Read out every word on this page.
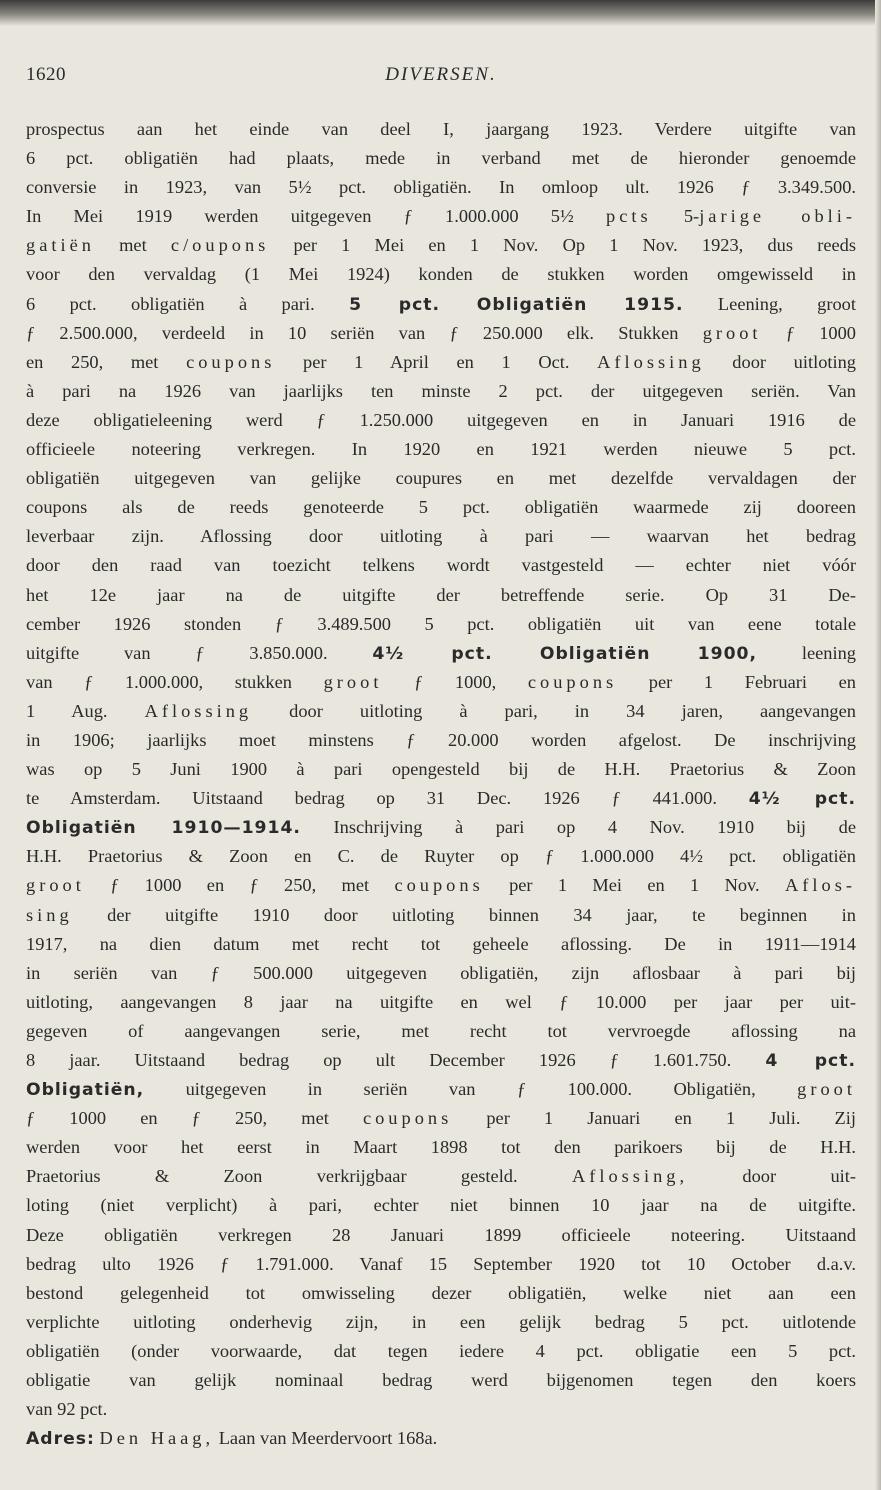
1620	DIVERSEN.
prospectus aan het einde van deel I, jaargang 1923. Verdere uitgifte van
6 pct. obligatiën had plaats, mede in verband met de hieronder genoemde
conversie in 1923, van 5½ pct. obligatiën. In omloop ult. 1926 ƒ 3.349.500.
In Mei 1919 werden uitgegeven ƒ 1.000.000 5½ pcts 5-jarige obli-
gatiën met c/oupons per 1 Mei en 1 Nov. Op 1 Nov. 1923, dus reeds
voor den vervaldag (1 Mei 1924) konden de stukken worden omgewisseld in
6 pct. obligatiën à pari. 5 pct. Obligatiën 1915. Leening, groot
ƒ 2.500.000, verdeeld in 10 seriën van ƒ 250.000 elk. Stukken groot ƒ 1000
en 250, met coupons per 1 April en 1 Oct. Aflossing door uitloting
à pari na 1926 van jaarlijks ten minste 2 pct. der uitgegeven seriën. Van
deze obligatieleening werd ƒ 1.250.000 uitgegeven en in Januari 1916 de
officieele noteering verkregen. In 1920 en 1921 werden nieuwe 5 pct.
obligatiën uitgegeven van gelijke coupures en met dezelfde vervaldagen der
coupons als de reeds genoteerde 5 pct. obligatiën waarmede zij dooreen
leverbaar zijn. Aflossing door uitloting à pari — waarvan het bedrag
door den raad van toezicht telkens wordt vastgesteld — echter niet vóór
het 12e jaar na de uitgifte der betreffende serie. Op 31 De-
cember 1926 stonden ƒ 3.489.500 5 pct. obligatiën uit van eene totale
uitgifte van ƒ 3.850.000. 4½ pct. Obligatiën 1900, leening
van ƒ 1.000.000, stukken groot ƒ 1000, coupons per 1 Februari en
1 Aug. Aflossing door uitloting à pari, in 34 jaren, aangevangen
in 1906; jaarlijks moet minstens ƒ 20.000 worden afgelost. De inschrijving
was op 5 Juni 1900 à pari opengesteld bij de H.H. Praetorius & Zoon
te Amsterdam. Uitstaand bedrag op 31 Dec. 1926 ƒ 441.000. 4½ pct.
Obligatiën 1910—1914. Inschrijving à pari op 4 Nov. 1910 bij de
H.H. Praetorius & Zoon en C. de Ruyter op ƒ 1.000.000 4½ pct. obligatiën
groot ƒ 1000 en ƒ 250, met coupons per 1 Mei en 1 Nov. Aflos-
sing der uitgifte 1910 door uitloting binnen 34 jaar, te beginnen in
1917, na dien datum met recht tot geheele aflossing. De in 1911—1914
in seriën van ƒ 500.000 uitgegeven obligatiën, zijn aflosbaar à pari bij
uitloting, aangevangen 8 jaar na uitgifte en wel ƒ 10.000 per jaar per uit-
gegeven of aangevangen serie, met recht tot vervroegde aflossing na
8 jaar. Uitstaand bedrag op ult December 1926 ƒ 1.601.750. 4 pct.
Obligatiën, uitgegeven in seriën van ƒ 100.000. Obligatiën, groot
ƒ 1000 en ƒ 250, met coupons per 1 Januari en 1 Juli. Zij
werden voor het eerst in Maart 1898 tot den parikoers bij de H.H.
Praetorius & Zoon verkrijgbaar gesteld. Aflossing, door uit-
loting (niet verplicht) à pari, echter niet binnen 10 jaar na de uitgifte.
Deze obligatiën verkregen 28 Januari 1899 officieele noteering. Uitstaand
bedrag ulto 1926 ƒ 1.791.000. Vanaf 15 September 1920 tot 10 October d.a.v.
bestond gelegenheid tot omwisseling dezer obligatiën, welke niet aan een
verplichte uitloting onderhevig zijn, in een gelijk bedrag 5 pct. uitlotende
obligatiën (onder voorwaarde, dat tegen iedere 4 pct. obligatie een 5 pct.
obligatie van gelijk nominaal bedrag werd bijgenomen tegen den koers
van 92 pct.
Adres: Den Haag, Laan van Meerdervoort 168a.
